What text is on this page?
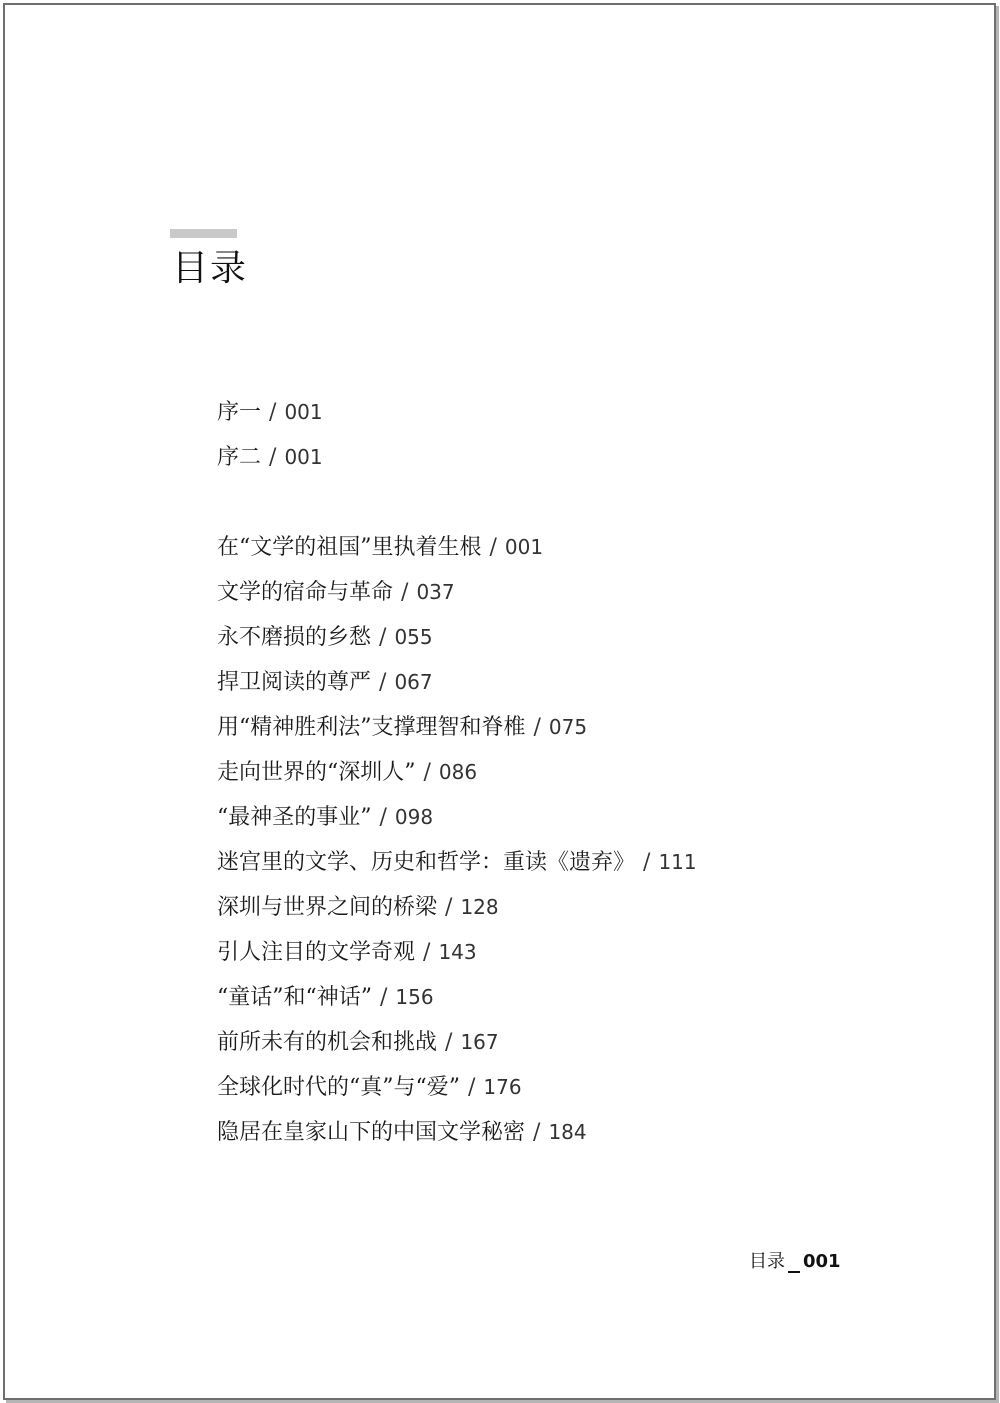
目录
序一 / 001
序二 / 001
在“文学的祖国”里执着生根 / 001
文学的宿命与革命 / 037
永不磨损的乡愁 / 055
捍卫阅读的尊严 / 067
用“精神胜利法”支撑理智和脊椎 / 075
走向世界的“深圳人” / 086
“最神圣的事业” / 098
迷宫里的文学、历史和哲学：重读《遗弃》 / 111
深圳与世界之间的桥梁 / 128
引人注目的文学奇观 / 143
“童话”和“神话” / 156
前所未有的机会和挑战 / 167
全球化时代的“真”与“爱” / 176
隐居在皇家山下的中国文学秘密 / 184
目录 001
